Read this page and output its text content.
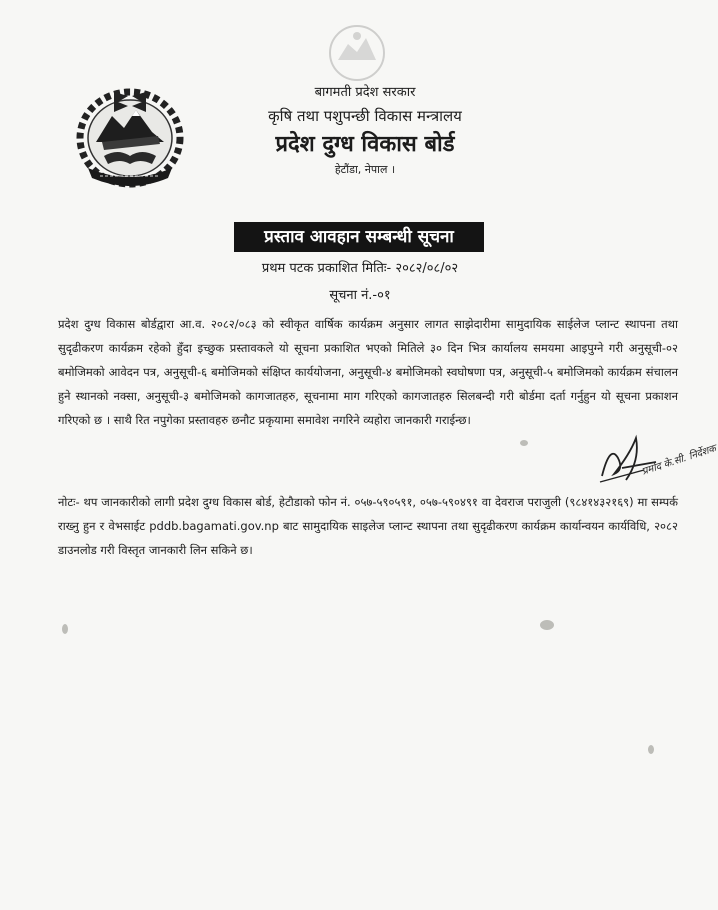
बागमती प्रदेश सरकार

कृषि तथा पशुपन्छी विकास मन्त्रालय

प्रदेश दुग्ध विकास बोर्ड

हेटौंडा, नेपाल ।

प्रस्ताव आवहान सम्बन्धी सूचना
प्रथम पटक प्रकाशित मितिः- २०८२/०८/०२
सूचना नं.-०१

प्रदेश दुग्ध विकास बोर्डद्वारा आ.व. २०८२/०८३ को स्वीकृत वार्षिक कार्यक्रम अनुसार लागत साझेदारीमा सामुदायिक साईलेज प्लान्ट स्थापना तथा सुदृढीकरण कार्यक्रम रहेको हुँदा इच्छुक प्रस्तावकले यो सूचना प्रकाशित भएको मितिले ३० दिन भित्र कार्यालय समयमा आइपुग्ने गरी अनुसूची-०२ बमोजिमको आवेदन पत्र, अनुसूची-६ बमोजिमको संक्षिप्त कार्ययोजना, अनुसूची-४ बमोजिमको स्वघोषणा पत्र, अनुसूची-५ बमोजिमको कार्यक्रम संचालन हुने स्थानको नक्सा, अनुसूची-३ बमोजिमको कागजातहरु, सूचनामा माग गरिएको कागजातहरु सिलबन्दी गरी बोर्डमा दर्ता गर्नुहुन यो सूचना प्रकाशन गरिएको छ । साथै रित नपुगेका प्रस्तावहरु छनौट प्रकृयामा समावेश नगरिने व्यहोरा जानकारी गराईन्छ।

प्रमोद के.सी. निर्देशक

नोटः- थप जानकारीको लागी प्रदेश दुग्ध विकास बोर्ड, हेटौडाको फोन नं. ०५७-५९०५९१, ०५७-५९०४९१ वा देवराज पराजुली (९८४१४३२१६९) मा सम्पर्क राख्नु हुन र वेभसाईट pddb.bagamati.gov.np बाट सामुदायिक साइलेज प्लान्ट स्थापना तथा सुदृढीकरण कार्यक्रम कार्यान्वयन कार्यविधि, २०८२ डाउनलोड गरी विस्तृत जानकारी लिन सकिने छ।
